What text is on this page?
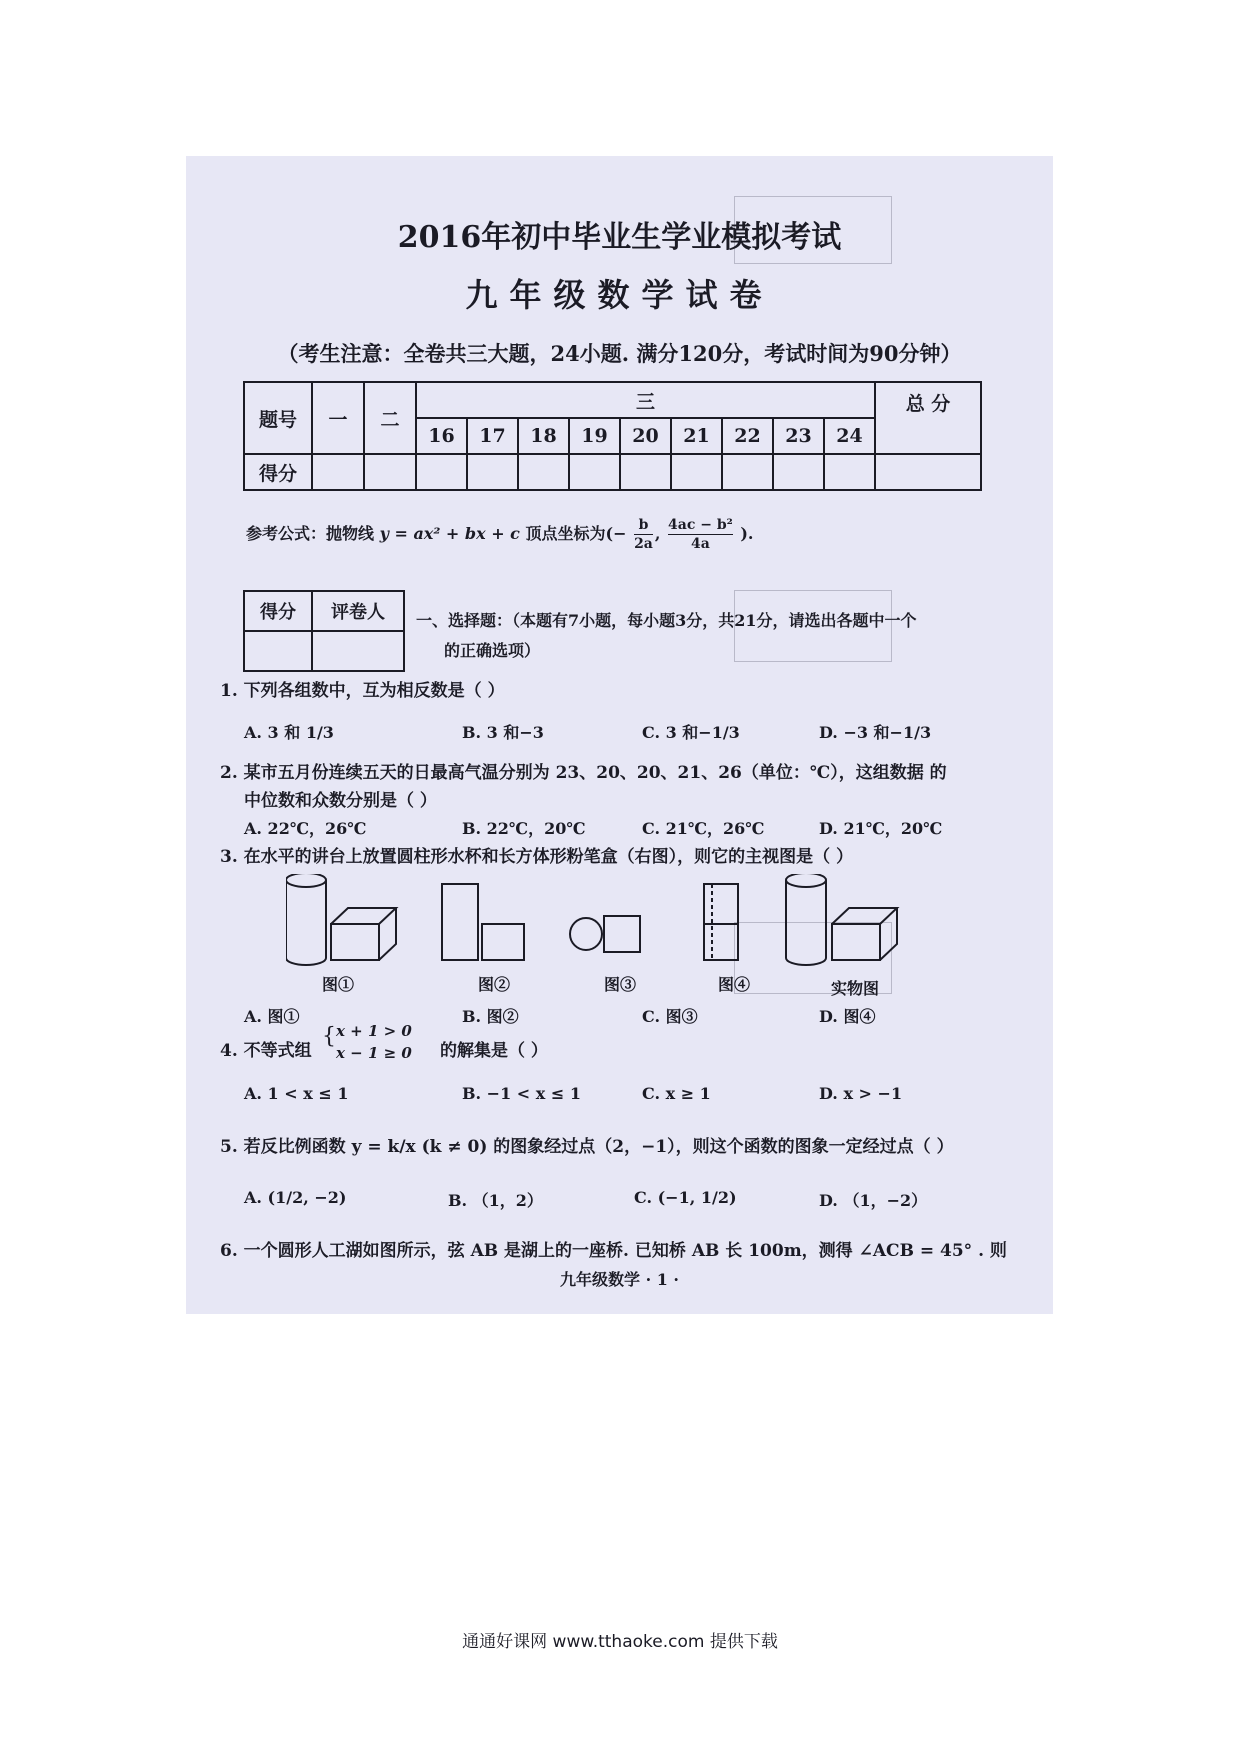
2016年初中毕业生学业模拟考试
九年级数学试卷
（考生注意：全卷共三大题，24小题. 满分120分，考试时间为90分钟）
题号	一	二	三									总 分
			16	17	18	19	20	21	22	23	24	
得分												
参考公式：抛物线 y = ax² + bx + c 顶点坐标为(− $\frac{b}{2a}$ , $\frac{\text{4ac − b²}}{4a}$ ).
得分	评卷人
	一、选择题：（本题有7小题，每小题3分，共21分，请选出各题中一个
的正确选项）
1. 下列各组数中，互为相反数是（ ）
A. 3 和 1/3	B. 3 和−3	C. 3 和−1/3	D. −3 和−1/3
2. 某市五月份连续五天的日最高气温分别为 23、20、20、21、26（单位：℃），这组数据 的
中位数和众数分别是（ ）
A. 22℃，26℃	B. 22℃，20℃	C. 21℃，26℃	D. 21℃，20℃
3. 在水平的讲台上放置圆柱形水杯和长方体形粉笔盒（右图），则它的主视图是（ ）
图①	图②	图③	图④	实物图
A. 图①	B. 图②	C. 图③	D. 图④
4. 不等式组
{ x + 1 > 0
x − 1 ≥ 0 的解集是（ ）
A. 1 < x ≤ 1	B. −1 < x ≤ 1	C. x ≥ 1	D. x > −1
5. 若反比例函数 y = k/x (k ≠ 0) 的图象经过点（2，−1），则这个函数的图象一定经过点（ ）
A. (1/2, −2)	B. （1，2）	C. (−1, 1/2)	D. （1，−2）
6. 一个圆形人工湖如图所示，弦 AB 是湖上的一座桥. 已知桥 AB 长 100m，测得 ∠ACB = 45° . 则
九年级数学 · 1 ·
通通好课网 www.tthaoke.com 提供下载
